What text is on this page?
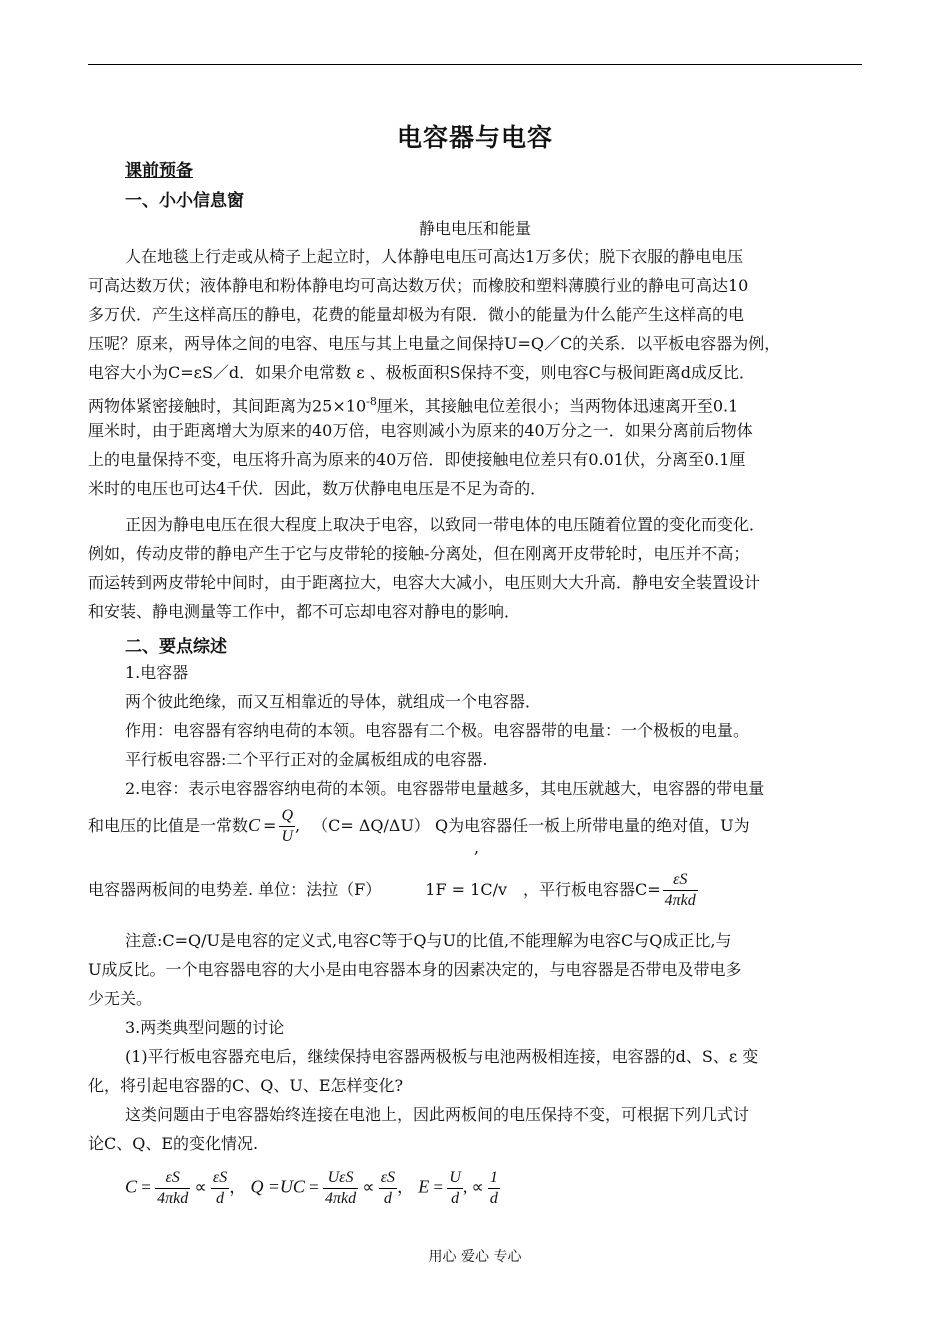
电容器与电容
课前预备
一、小小信息窗
静电电压和能量
人在地毯上行走或从椅子上起立时，人体静电电压可高达1万多伏；脱下衣服的静电电压
可高达数万伏；液体静电和粉体静电均可高达数万伏；而橡胶和塑料薄膜行业的静电可高达10
多万伏．产生这样高压的静电，花费的能量却极为有限．微小的能量为什么能产生这样高的电
压呢？原来，两导体之间的电容、电压与其上电量之间保持U=Q／C的关系．以平板电容器为例，
电容大小为C=εS／d．如果介电常数 ε 、极板面积S保持不变，则电容C与极间距离d成反比．
两物体紧密接触时，其间距离为$25\times 10^{-8}$厘米，其接触电位差很小；当两物体迅速离开至0.1
厘米时，由于距离增大为原来的40万倍，电容则减小为原来的40万分之一．如果分离前后物体
上的电量保持不变，电压将升高为原来的40万倍．即使接触电位差只有0.01伏，分离至0.1厘
米时的电压也可达4千伏．因此，数万伏静电电压是不足为奇的．
正因为静电电压在很大程度上取决于电容，以致同一带电体的电压随着位置的变化而变化．
例如，传动皮带的静电产生于它与皮带轮的接触-分离处，但在刚离开皮带轮时，电压并不高；
而运转到两皮带轮中间时，由于距离拉大，电容大大减小，电压则大大升高．静电安全装置设计
和安装、静电测量等工作中，都不可忘却电容对静电的影响．
二、要点综述
1.电容器
两个彼此绝缘，而又互相靠近的导体，就组成一个电容器．
作用：电容器有容纳电荷的本领。电容器有二个极。电容器带的电量：一个极板的电量。
平行板电容器:二个平行正对的金属板组成的电容器.
2.电容：表示电容器容纳电荷的本领。电容器带电量越多，其电压就越大，电容器的带电量
和电压的比值是一常数$C = \frac{Q}{U}$ , （C= ΔQ/ΔU） Q为电容器任一板上所带电量的绝对值，U为
,
电容器两板间的电势差. 单位：法拉（F）	1F = 1C/v ，平行板电容器$C= \frac{\varepsilon S}{\text{4πkd}}$
注意:C=Q/U是电容的定义式,电容C等于Q与U的比值,不能理解为电容C与Q成正比,与
U成反比。一个电容器电容的大小是由电容器本身的因素决定的，与电容器是否带电及带电多
少无关。
3.两类典型问题的讨论
(1)平行板电容器充电后，继续保持电容器两极板与电池两极相连接，电容器的d、S、ε 变
化，将引起电容器的C、Q、U、E怎样变化?
这类问题由于电容器始终连接在电池上，因此两板间的电压保持不变，可根据下列几式讨
论C、Q、E的变化情况.
$C = \frac{\varepsilon S}{\text{4πkd}} \propto \frac{\varepsilon S}{d}$ ， $Q =UC = \frac{\text{UεS}}{\text{4πkd}} \propto \frac{\varepsilon S}{d}$ ， $E = \frac{U}{d}$ , ∝ $\frac{1}{d}$
用心 爱心 专心
